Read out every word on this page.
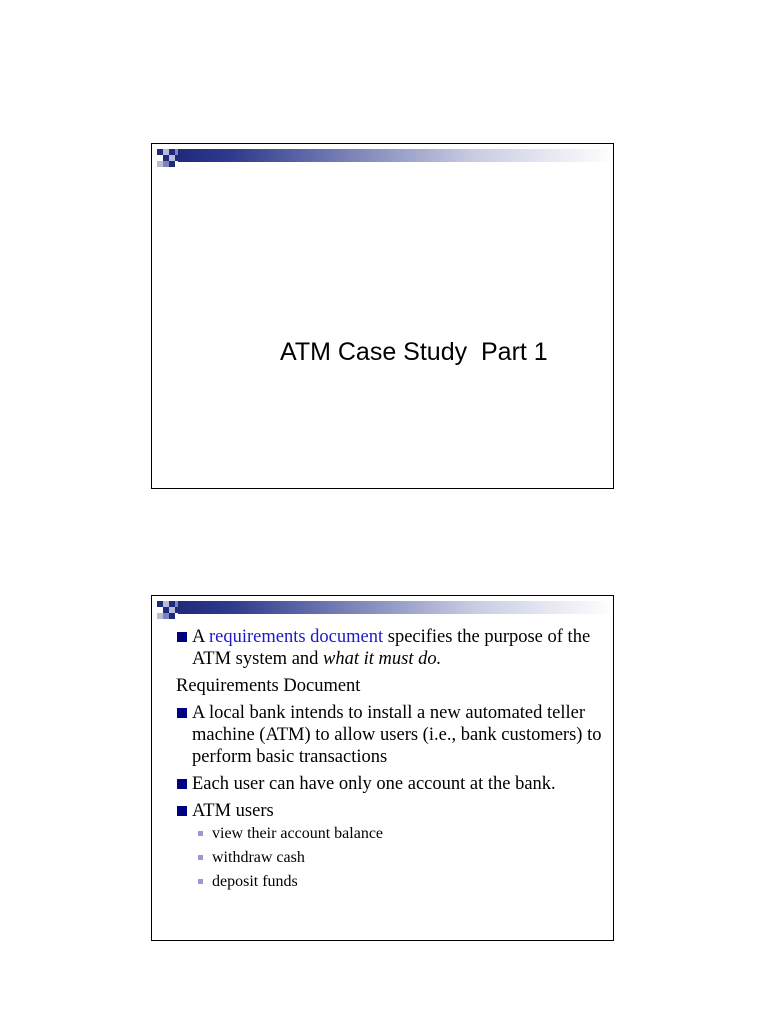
ATM Case Study  Part 1
A requirements document specifies the purpose of the ATM system and what it must do.
Requirements Document
A local bank intends to install a new automated teller machine (ATM) to allow users (i.e., bank customers) to perform basic transactions
Each user can have only one account at the bank.
ATM users
view their account balance
withdraw cash
deposit funds
